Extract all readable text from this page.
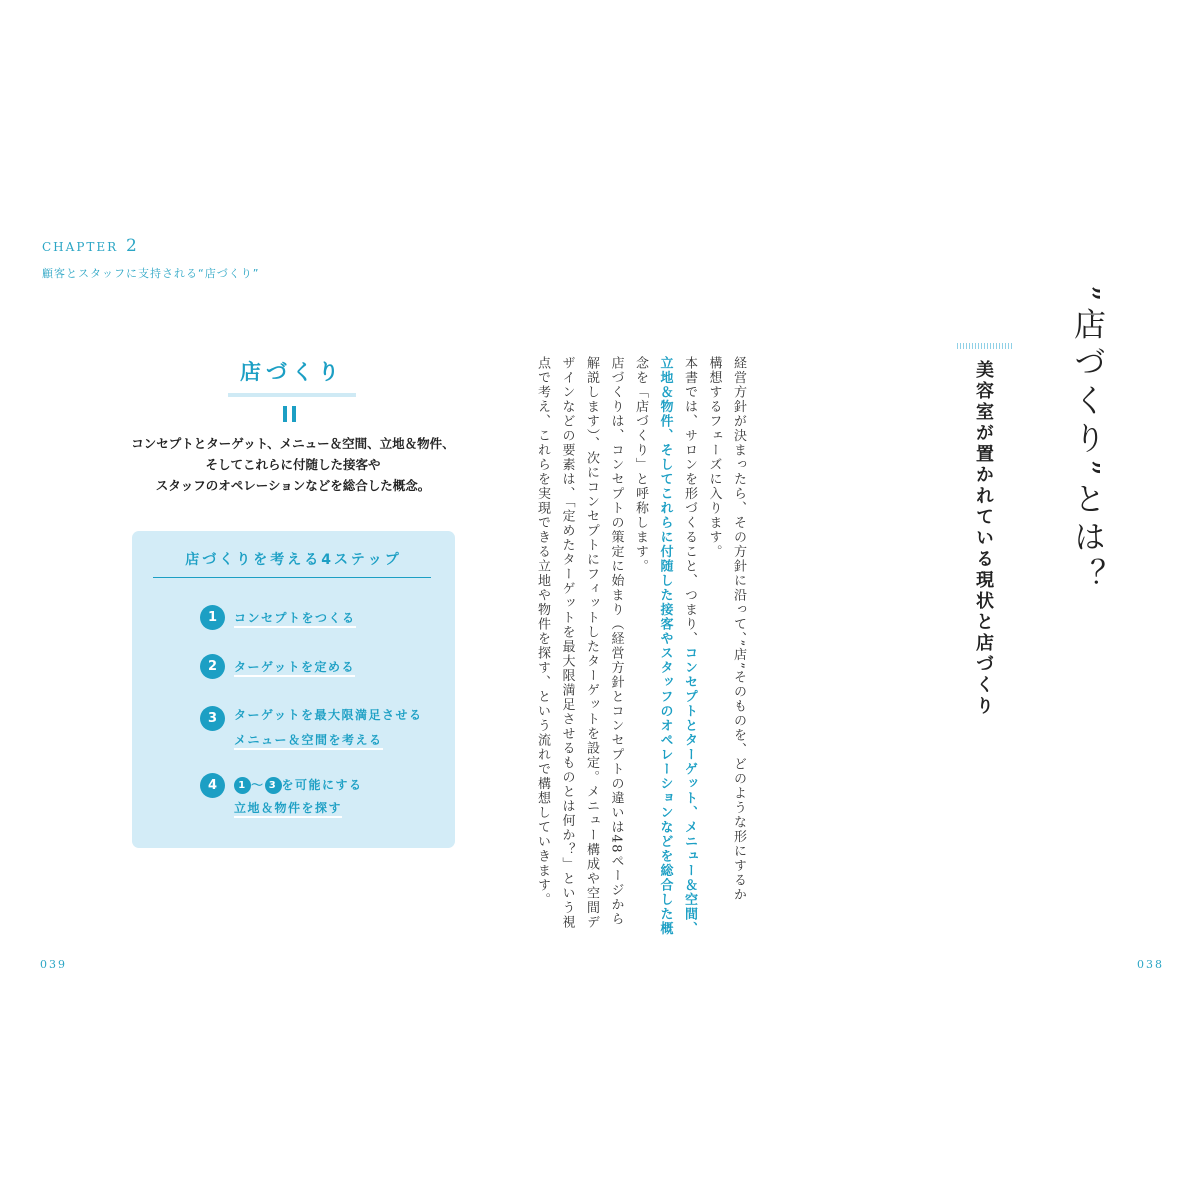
CHAPTER 2
顧客とスタッフに支持される“店づくり”
店づくり
コンセプトとターゲット、メニュー＆空間、立地＆物件、
そしてこれらに付随した接客や
スタッフのオペレーションなどを総合した概念。
店づくりを考える4ステップ
1	コンセプトをつくる
2	ターゲットを定める
3	ターゲットを最大限満足させる
メニュー＆空間を考える
4	1 〜 3 を可能にする
立地＆物件を探す
039
”店づくり”とは？
美容室が置かれている現状と店づくり
経営方針が決まったら、その方針に沿って、”店”そのものを、どのような形にするか
構想するフェーズに入ります。
本書では、サロンを形づくること、つまり、コンセプトとターゲット、メニュー＆空間、
立地＆物件、そしてこれらに付随した接客やスタッフのオペレーションなどを総合した概
念を「店づくり」と呼称します。
店づくりは、コンセプトの策定に始まり（経営方針とコンセプトの違いは48ページから
解説します）、次にコンセプトにフィットしたターゲットを設定。メニュー構成や空間デ
ザインなどの要素は、「定めたターゲットを最大限満足させるものとは何か？」という視
点で考え、これらを実現できる立地や物件を探す、という流れで構想していきます。
038
